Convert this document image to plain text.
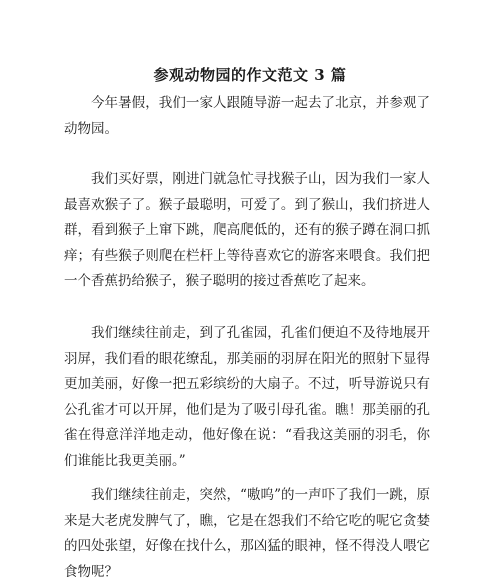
参观动物园的作文范文 3 篇

今年暑假，我们一家人跟随导游一起去了北京，并参观了动物园。

我们买好票，刚进门就急忙寻找猴子山，因为我们一家人最喜欢猴子了。猴子最聪明，可爱了。到了猴山，我们挤进人群，看到猴子上窜下跳，爬高爬低的，还有的猴子蹲在洞口抓痒；有些猴子则爬在栏杆上等待喜欢它的游客来喂食。我们把一个香蕉扔给猴子，猴子聪明的接过香蕉吃了起来。

我们继续往前走，到了孔雀园，孔雀们便迫不及待地展开羽屏，我们看的眼花缭乱，那美丽的羽屏在阳光的照射下显得更加美丽，好像一把五彩缤纷的大扇子。不过，听导游说只有公孔雀才可以开屏，他们是为了吸引母孔雀。瞧！那美丽的孔雀在得意洋洋地走动，他好像在说：“看我这美丽的羽毛，你们谁能比我更美丽。”

我们继续往前走，突然，“嗷呜”的一声吓了我们一跳，原来是大老虎发脾气了，瞧，它是在怨我们不给它吃的呢它贪婪的四处张望，好像在找什么，那凶猛的眼神，怪不得没人喂它食物呢？
